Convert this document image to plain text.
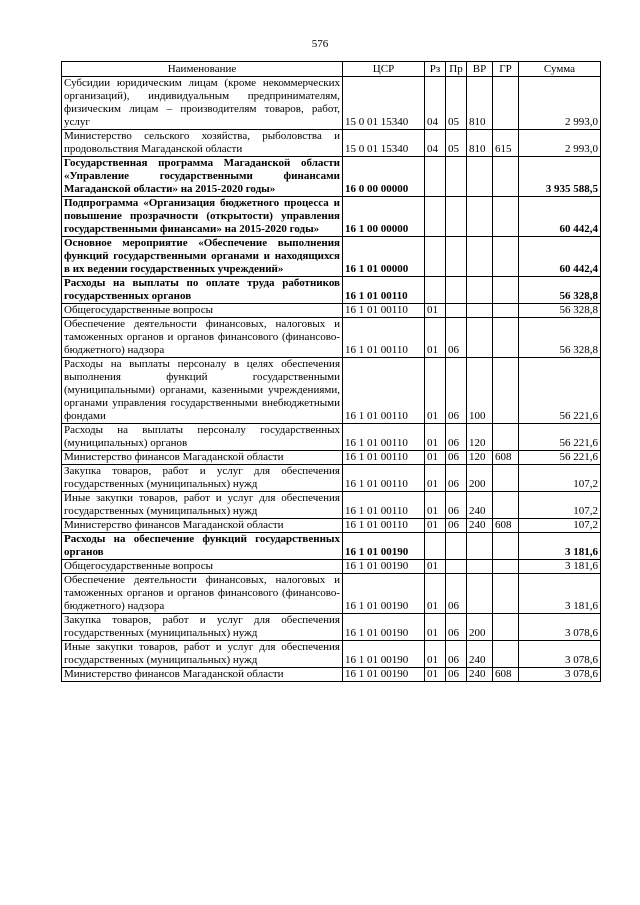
576
Наименование	ЦСР	Рз	Пр	ВР	ГР	Сумма
Субсидии юридическим лицам (кроме некоммерческих организаций), индивидуальным предпринимателям, физическим лицам – производителям товаров, работ, услуг	15 0 01 15340	04	05	810		2 993,0
Министерство сельского хозяйства, рыболовства и продовольствия Магаданской области	15 0 01 15340	04	05	810	615	2 993,0
Государственная программа Магаданской области «Управление государственными финансами Магаданской области» на 2015-2020 годы»	16 0 00 00000					3 935 588,5
Подпрограмма «Организация бюджетного процесса и повышение прозрачности (открытости) управления государственными финансами» на 2015-2020 годы»	16 1 00 00000					60 442,4
Основное мероприятие «Обеспечение выполнения функций государственными органами и находящихся в их ведении государственных учреждений»	16 1 01 00000					60 442,4
Расходы на выплаты по оплате труда работников государственных органов	16 1 01 00110					56 328,8
Общегосударственные вопросы	16 1 01 00110	01				56 328,8
Обеспечение деятельности финансовых, налоговых и таможенных органов и органов финансового (финансово-бюджетного) надзора	16 1 01 00110	01	06			56 328,8
Расходы на выплаты персоналу в целях обеспечения выполнения функций государственными (муниципальными) органами, казенными учреждениями, органами управления государственными внебюджетными фондами	16 1 01 00110	01	06	100		56 221,6
Расходы на выплаты персоналу государственных (муниципальных) органов	16 1 01 00110	01	06	120		56 221,6
Министерство финансов Магаданской области	16 1 01 00110	01	06	120	608	56 221,6
Закупка товаров, работ и услуг для обеспечения государственных (муниципальных) нужд	16 1 01 00110	01	06	200		107,2
Иные закупки товаров, работ и услуг для обеспечения государственных (муниципальных) нужд	16 1 01 00110	01	06	240		107,2
Министерство финансов Магаданской области	16 1 01 00110	01	06	240	608	107,2
Расходы на обеспечение функций государственных органов	16 1 01 00190					3 181,6
Общегосударственные вопросы	16 1 01 00190	01				3 181,6
Обеспечение деятельности финансовых, налоговых и таможенных органов и органов финансового (финансово-бюджетного) надзора	16 1 01 00190	01	06			3 181,6
Закупка товаров, работ и услуг для обеспечения государственных (муниципальных) нужд	16 1 01 00190	01	06	200		3 078,6
Иные закупки товаров, работ и услуг для обеспечения государственных (муниципальных) нужд	16 1 01 00190	01	06	240		3 078,6
Министерство финансов Магаданской области	16 1 01 00190	01	06	240	608	3 078,6
